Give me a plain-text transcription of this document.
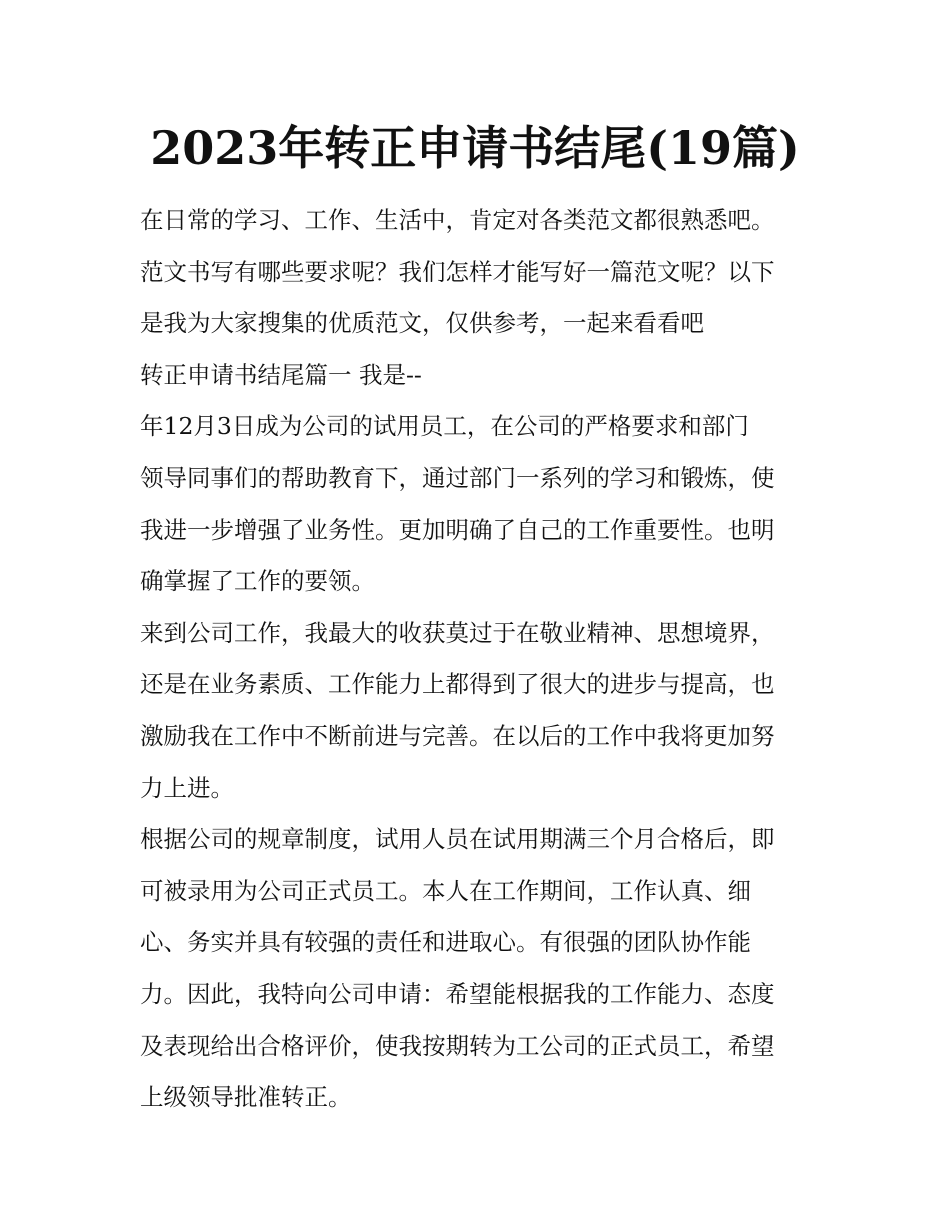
2023年转正申请书结尾(19篇)

在日常的学习、工作、生活中，肯定对各类范文都很熟悉吧。

范文书写有哪些要求呢？我们怎样才能写好一篇范文呢？以下

是我为大家搜集的优质范文，仅供参考，一起来看看吧

转正申请书结尾篇一 我是--

年12月3日成为公司的试用员工，在公司的严格要求和部门

领导同事们的帮助教育下，通过部门一系列的学习和锻炼，使

我进一步增强了业务性。更加明确了自己的工作重要性。也明

确掌握了工作的要领。

来到公司工作，我最大的收获莫过于在敬业精神、思想境界，

还是在业务素质、工作能力上都得到了很大的进步与提高，也

激励我在工作中不断前进与完善。在以后的工作中我将更加努

力上进。

根据公司的规章制度，试用人员在试用期满三个月合格后，即

可被录用为公司正式员工。本人在工作期间，工作认真、细

心、务实并具有较强的责任和进取心。有很强的团队协作能

力。因此，我特向公司申请：希望能根据我的工作能力、态度

及表现给出合格评价，使我按期转为工公司的正式员工，希望

上级领导批准转正。
